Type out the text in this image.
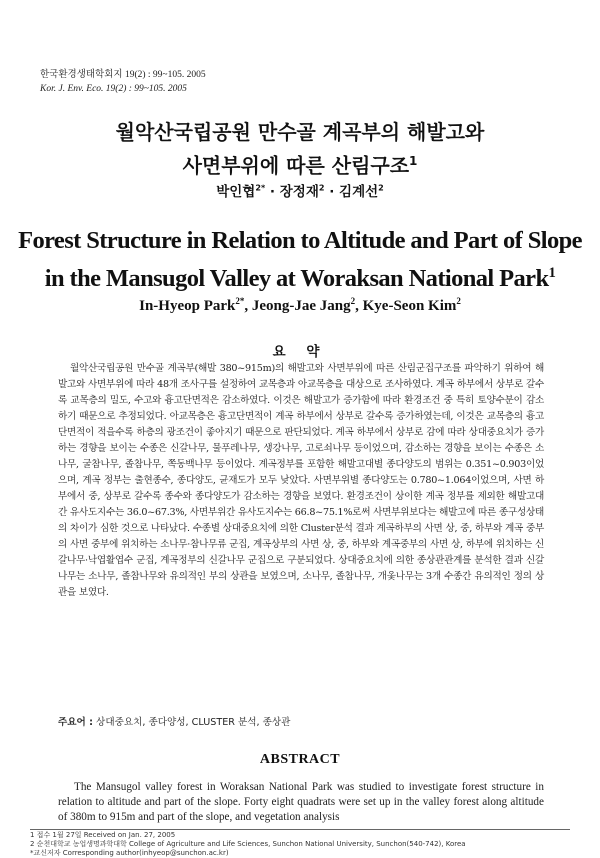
한국환경생태학회지 19(2) : 99~105. 2005
Kor. J. Env. Eco. 19(2) : 99~105. 2005
월악산국립공원 만수골 계곡부의 해발고와
사면부위에 따른 산림구조$^1$
박인협$^{2*}$ · 장정재$^2$ · 김계선$^2$
Forest Structure in Relation to Altitude and Part of Slope
in the Mansugol Valley at Woraksan National Park$^1$
In-Hyeop Park$^{2*}$, Jeong-Jae Jang$^2$, Kye-Seon Kim$^2$
요 약

월악산국립공원 만수골 계곡부(해발 380~915m)의 해발고와 사면부위에 따른 산림군집구조를 파악하기 위하여 해발고와 사면부위에 따라 48개 조사구를 설정하여 교목층과 아교목층을 대상으로 조사하였다. 계곡 하부에서 상부로 갈수록 교목층의 밀도, 수고와 흉고단면적은 감소하였다. 이것은 해발고가 증가함에 따라 환경조건 중 특히 토양수분이 감소하기 때문으로 추정되었다. 아교목층은 흉고단면적이 계곡 하부에서 상부로 갈수록 증가하였는데, 이것은 교목층의 흉고단면적이 적을수록 하층의 광조건이 좋아지기 때문으로 판단되었다. 계곡 하부에서 상부로 감에 따라 상대중요치가 증가하는 경향을 보이는 수종은 신갈나무, 물푸레나무, 생강나무, 고로쇠나무 등이었으며, 감소하는 경향을 보이는 수종은 소나무, 굴참나무, 졸참나무, 쪽동백나무 등이었다. 계곡정부를 포함한 해발고대별 종다양도의 범위는 0.351~0.903이었으며, 계곡 정부는 출현종수, 종다양도, 균재도가 모두 낮았다. 사면부위별 종다양도는 0.780~1.064이었으며, 사면 하부에서 중, 상부로 갈수록 종수와 종다양도가 감소하는 경향을 보였다. 환경조건이 상이한 계곡 정부를 제외한 해발고대간 유사도지수는 36.0~67.3%, 사면부위간 유사도지수는 66.8~75.1%로써 사면부위보다는 해발고에 따른 종구성상태의 차이가 심한 것으로 나타났다. 수종별 상대중요치에 의한 Cluster분석 결과 계곡하부의 사면 상, 중, 하부와 계곡 중부의 사면 중부에 위치하는 소나무·참나무류 군집, 계곡상부의 사면 상, 중, 하부와 계곡중부의 사면 상, 하부에 위치하는 신갈나무·낙엽활엽수 군집, 계곡정부의 신갈나무 군집으로 구분되었다. 상대중요치에 의한 종상관관계를 분석한 결과 신갈나무는 소나무, 졸참나무와 유의적인 부의 상관을 보였으며, 소나무, 졸참나무, 개옻나무는 3개 수종간 유의적인 정의 상관을 보였다.

주요어 : 상대중요치, 종다양성, CLUSTER 분석, 종상관
ABSTRACT

The Mansugol valley forest in Woraksan National Park was studied to investigate forest structure in relation to altitude and part of the slope. Forty eight quadrats were set up in the valley forest along altitude of 380m to 915m and part of the slope, and vegetation analysis

1 접수 1월 27일 Received on Jan. 27, 2005
2 순천대학교 농업생명과학대학 College of Agriculture and Life Sciences, Sunchon National University, Sunchon(540-742), Korea
*교신저자 Corresponding author(inhyeop@sunchon.ac.kr)
